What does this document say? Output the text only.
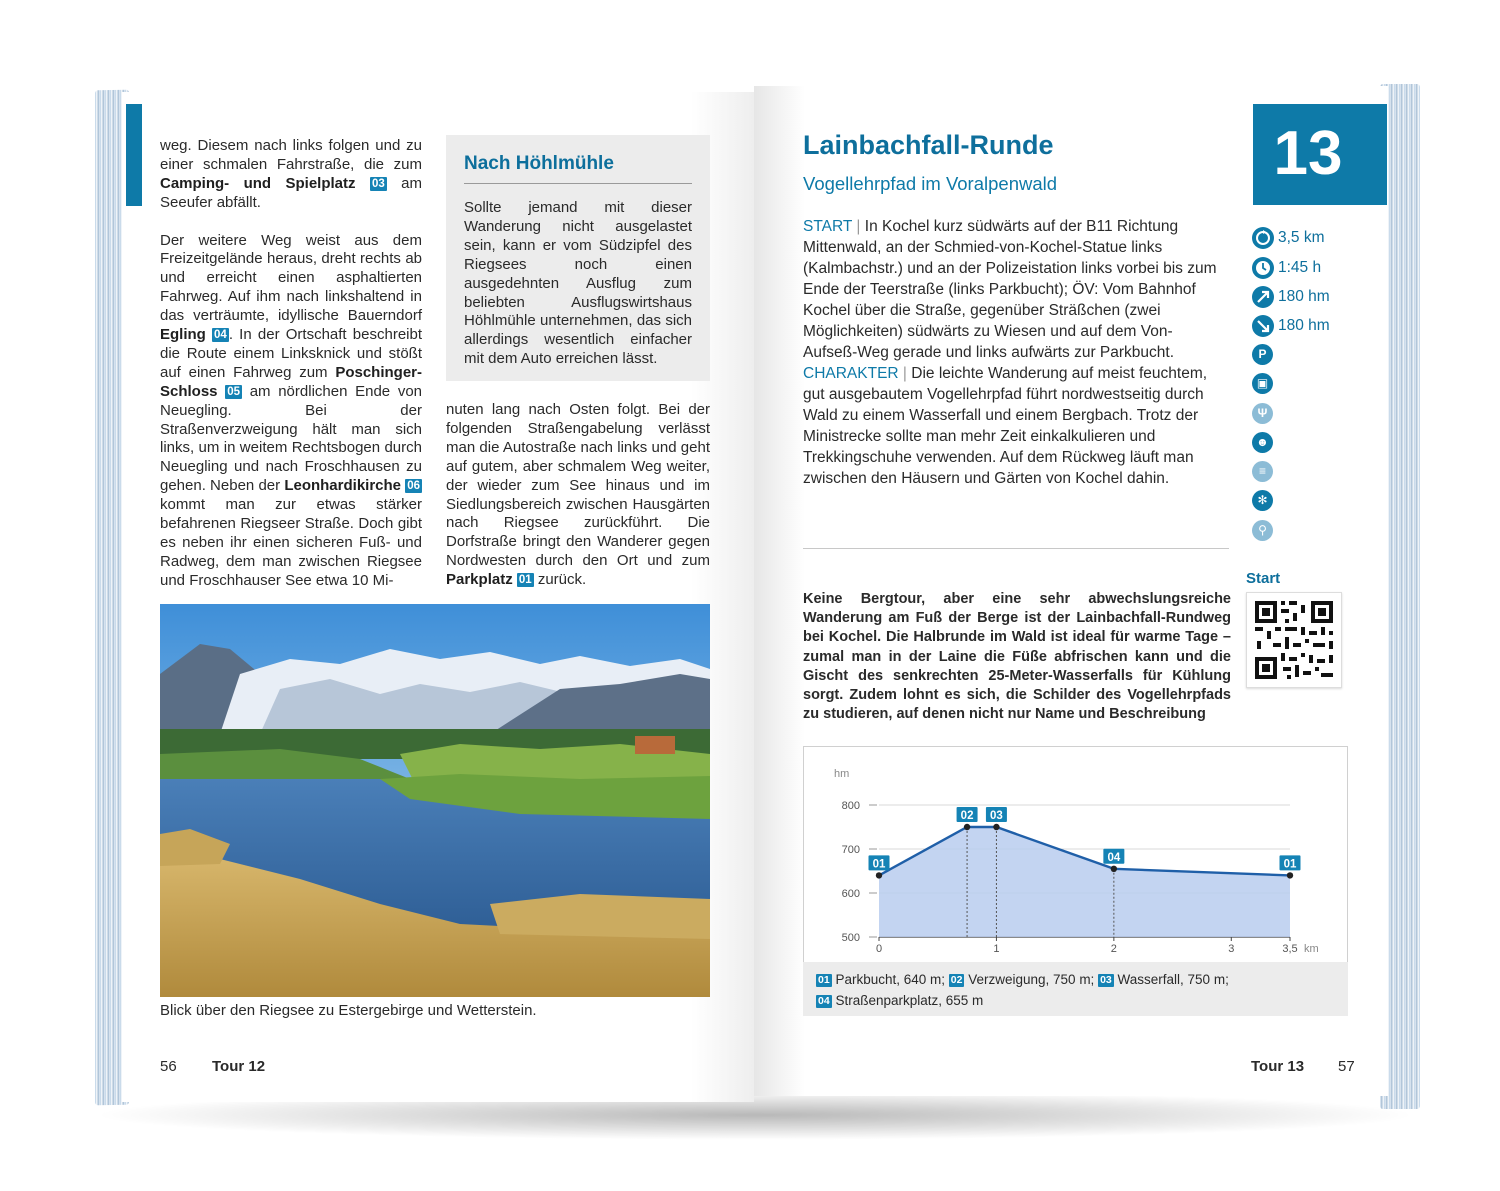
weg. Diesem nach links folgen und zu einer schmalen Fahrstraße, die zum Camping- und Spielplatz 03 am Seeufer abfällt.

Der weitere Weg weist aus dem Freizeitgelände heraus, dreht rechts ab und erreicht einen asphaltierten Fahrweg. Auf ihm nach linkshaltend in das verträumte, idyllische Bauerndorf Egling 04 . In der Ortschaft beschreibt die Route einem Linksknick und stößt auf einen Fahrweg zum Poschinger-Schloss 05 am nördlichen Ende von Neuegling. Bei der Straßenverzweigung hält man sich links, um in weitem Rechtsbogen durch Neuegling und nach Froschhausen zu gehen. Neben der Leonhardikirche 06 kommt man zur etwas stärker befahrenen Riegseer Straße. Doch gibt es neben ihr einen sicheren Fuß- und Radweg, dem man zwischen Riegsee und Froschhauser See etwa 10 Mi-

Nach Höhlmühle
Sollte jemand mit dieser Wanderung nicht ausgelastet sein, kann er vom Südzipfel des Riegsees noch einen ausgedehnten Ausflug zum beliebten Ausflugswirtshaus Höhlmühle unternehmen, das sich allerdings wesentlich einfacher mit dem Auto erreichen lässt.

nuten lang nach Osten folgt. Bei der folgenden Straßengabelung verlässt man die Autostraße nach links und geht auf gutem, aber schmalem Weg weiter, der wieder zum See hinaus und im Siedlungsbereich zwischen Hausgärten nach Riegsee zurückführt. Die Dorfstraße bringt den Wanderer gegen Nordwesten durch den Ort und zum Parkplatz 01 zurück.

Blick über den Riegsee zu Estergebirge und Wetterstein.
56 Tour 12
Lainbachfall-Runde
Vogellehrpfad im Voralpenwald	13
START | In Kochel kurz südwärts auf der B11 Richtung Mittenwald, an der Schmied-von-Kochel-Statue links (Kalmbachstr.) und an der Polizeistation links vorbei bis zum Ende der Teerstraße (links Parkbucht); ÖV: Vom Bahnhof Kochel über die Straße, gegenüber Sträßchen (zwei Möglichkeiten) südwärts zu Wiesen und auf dem Von-Aufseß-Weg gerade und links aufwärts zur Parkbucht.
CHARAKTER | Die leichte Wanderung auf meist feuchtem, gut ausgebautem Vogellehrpfad führt nordwestseitig durch Wald zu einem Wasserfall und einem Bergbach. Trotz der Ministrecke sollte man mehr Zeit einkalkulieren und Trekkingschuhe verwenden. Auf dem Rückweg läuft man zwischen den Häusern und Gärten von Kochel dahin.
Keine Bergtour, aber eine sehr abwechslungsreiche Wanderung am Fuß der Berge ist der Lainbachfall-Rundweg bei Kochel. Die Halbrunde im Wald ist ideal für warme Tage – zumal man in der Laine die Füße abfrischen kann und die Gischt des senkrechten 25-Meter-Wasserfalls für Kühlung sorgt. Zudem lohnt es sich, die Schilder des Vogellehrpfads zu studieren, auf denen nicht nur Name und Beschreibung
3,5 km
1:45 h
180 hm
180 hm
P
▣
Ψ
☻
≡
✻
⚲
Start
500
600
700
800
0	1	2	3	3,5
01
02 03
04
01
hm
km
01 Parkbucht, 640 m; 02 Verzweigung, 750 m; 03 Wasserfall, 750 m;
04 Straßenparkplatz, 655 m
Tour 13 57
